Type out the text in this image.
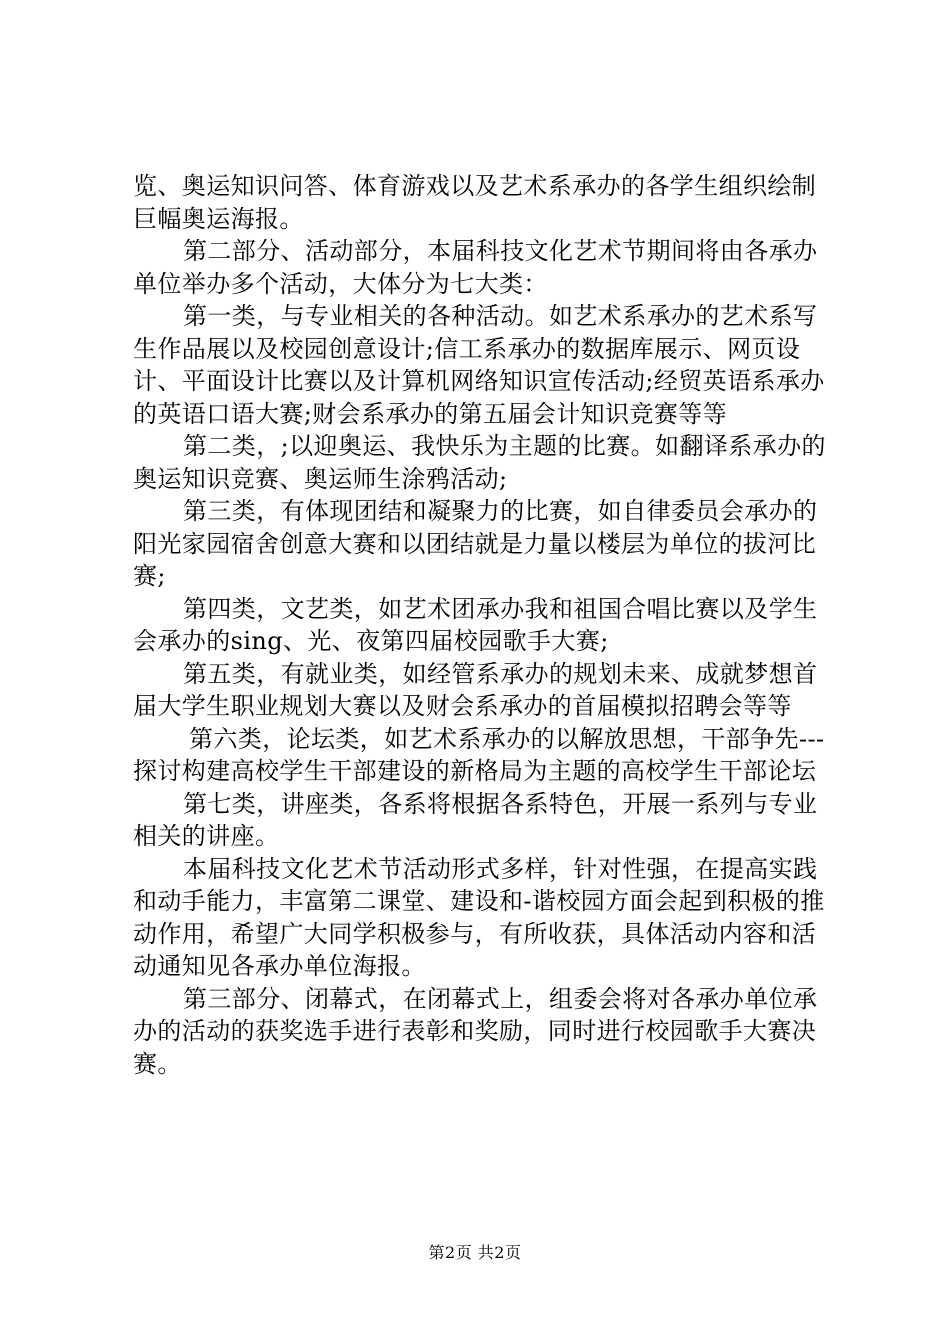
览、奥运知识问答、体育游戏以及艺术系承办的各学生组织绘制巨幅奥运海报。

第二部分、活动部分，本届科技文化艺术节期间将由各承办单位举办多个活动，大体分为七大类：

第一类，与专业相关的各种活动。如艺术系承办的艺术系写生作品展以及校园创意设计;信工系承办的数据库展示、网页设计、平面设计比赛以及计算机网络知识宣传活动;经贸英语系承办的英语口语大赛;财会系承办的第五届会计知识竞赛等等

第二类，;以迎奥运、我快乐为主题的比赛。如翻译系承办的奥运知识竞赛、奥运师生涂鸦活动;

第三类，有体现团结和凝聚力的比赛，如自律委员会承办的阳光家园宿舍创意大赛和以团结就是力量以楼层为单位的拔河比赛;

第四类，文艺类，如艺术团承办我和祖国合唱比赛以及学生会承办的sing、光、夜第四届校园歌手大赛;

第五类，有就业类，如经管系承办的规划未来、成就梦想首届大学生职业规划大赛以及财会系承办的首届模拟招聘会等等

第六类，论坛类，如艺术系承办的以解放思想，干部争先---探讨构建高校学生干部建设的新格局为主题的高校学生干部论坛

第七类，讲座类，各系将根据各系特色，开展一系列与专业相关的讲座。

本届科技文化艺术节活动形式多样，针对性强，在提高实践和动手能力，丰富第二课堂、建设和-谐校园方面会起到积极的推动作用，希望广大同学积极参与，有所收获，具体活动内容和活动通知见各承办单位海报。

第三部分、闭幕式，在闭幕式上，组委会将对各承办单位承办的活动的获奖选手进行表彰和奖励，同时进行校园歌手大赛决赛。

第2页 共2页
